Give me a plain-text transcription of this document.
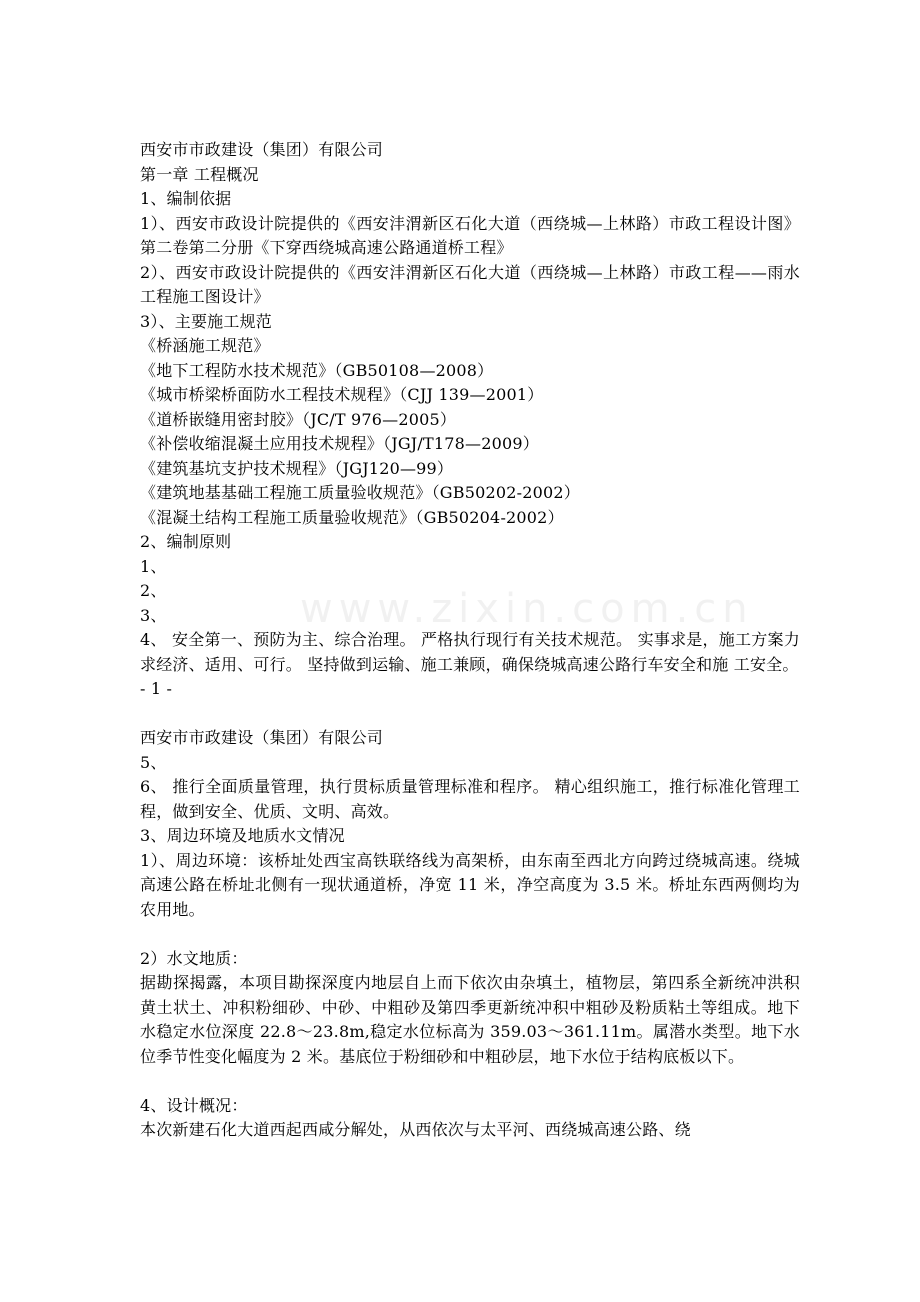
www.zixin.com.cn
西安市市政建设（集团）有限公司
第一章 工程概况
1、编制依据
1）、西安市政设计院提供的《西安沣渭新区石化大道（西绕城—上林路）市政工程设计图》第二卷第二分册《下穿西绕城高速公路通道桥工程》
2）、西安市政设计院提供的《西安沣渭新区石化大道（西绕城—上林路）市政工程——雨水工程施工图设计》
3）、主要施工规范
《桥涵施工规范》
《地下工程防水技术规范》（GB50108—2008）
《城市桥梁桥面防水工程技术规程》（CJJ 139—2001）
《道桥嵌缝用密封胶》（JC/T 976—2005）
《补偿收缩混凝土应用技术规程》（JGJ/T178—2009）
《建筑基坑支护技术规程》（JGJ120—99）
《建筑地基基础工程施工质量验收规范》（GB50202-2002）
《混凝土结构工程施工质量验收规范》（GB50204-2002）
2、编制原则
1、
2、
3、
4、 安全第一、预防为主、综合治理。 严格执行现行有关技术规范。 实事求是，施工方案力求经济、适用、可行。 坚持做到运输、施工兼顾，确保绕城高速公路行车安全和施 工安全。
- 1 -
西安市市政建设（集团）有限公司
5、
6、 推行全面质量管理，执行贯标质量管理标准和程序。 精心组织施工，推行标准化管理工程，做到安全、优质、文明、高效。
3、周边环境及地质水文情况
1）、周边环境：该桥址处西宝高铁联络线为高架桥，由东南至西北方向跨过绕城高速。绕城高速公路在桥址北侧有一现状通道桥，净宽 11 米，净空高度为 3.5 米。桥址东西两侧均为农用地。
2）水文地质：
据勘探揭露，本项目勘探深度内地层自上而下依次由杂填土，植物层，第四系全新统冲洪积黄土状土、冲积粉细砂、中砂、中粗砂及第四季更新统冲积中粗砂及粉质粘土等组成。地下水稳定水位深度 22.8～23.8m,稳定水位标高为 359.03～361.11m。属潜水类型。地下水位季节性变化幅度为 2 米。基底位于粉细砂和中粗砂层，地下水位于结构底板以下。
4、设计概况：
本次新建石化大道西起西咸分解处，从西依次与太平河、西绕城高速公路、绕
